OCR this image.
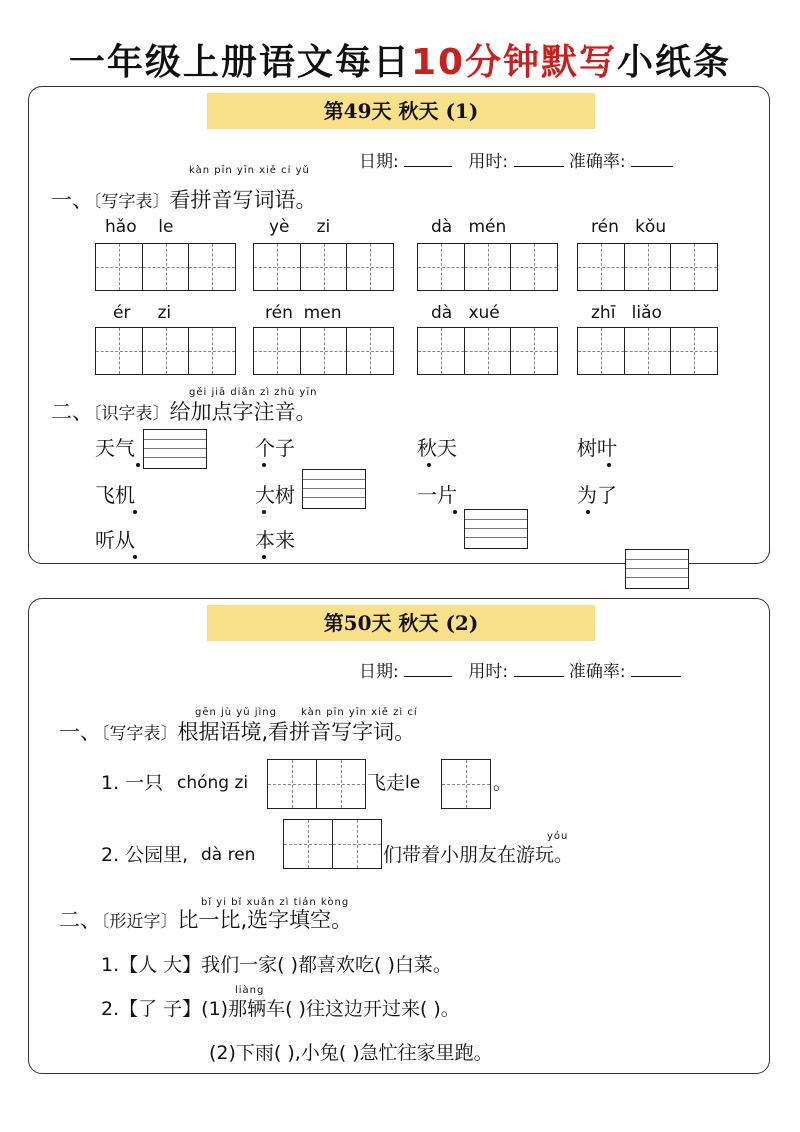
一年级上册语文每日10分钟默写小纸条
第49天 秋天 (1)
日期:	用时:	准确率:
kàn pīn yīn xiě cí yǔ
一、〔写字表〕看拼音写词语。
hǎo le	yè zi	dà mén	rén kǒu
ér zi	rén men	dà xué	zhī liǎo
gěi jiā diǎn zì zhù yīn
二、〔识字表〕给加点字注音。
天气	个子	秋天	树叶
飞机	大树	一片	为了
听从	本来
第50天 秋天 (2)
日期:	用时:	准确率:
gēn jù yǔ jìng kàn pīn yīn xiě zì cí
一、〔写字表〕根据语境,看拼音写字词。
1. 一只 chóng zi	飞走 le	。
2. 公园里, dà ren
yóu
们带着小朋友在游玩。
bǐ yi bǐ xuǎn zì tián kòng
二、〔形近字〕比一比,选字填空。
1.【人 大】我们一家( )都喜欢吃( )白菜。
liàng
2.【了 子】(1)那辆车( )往这边开过来( )。
(2)下雨( ),小兔( )急忙往家里跑。
